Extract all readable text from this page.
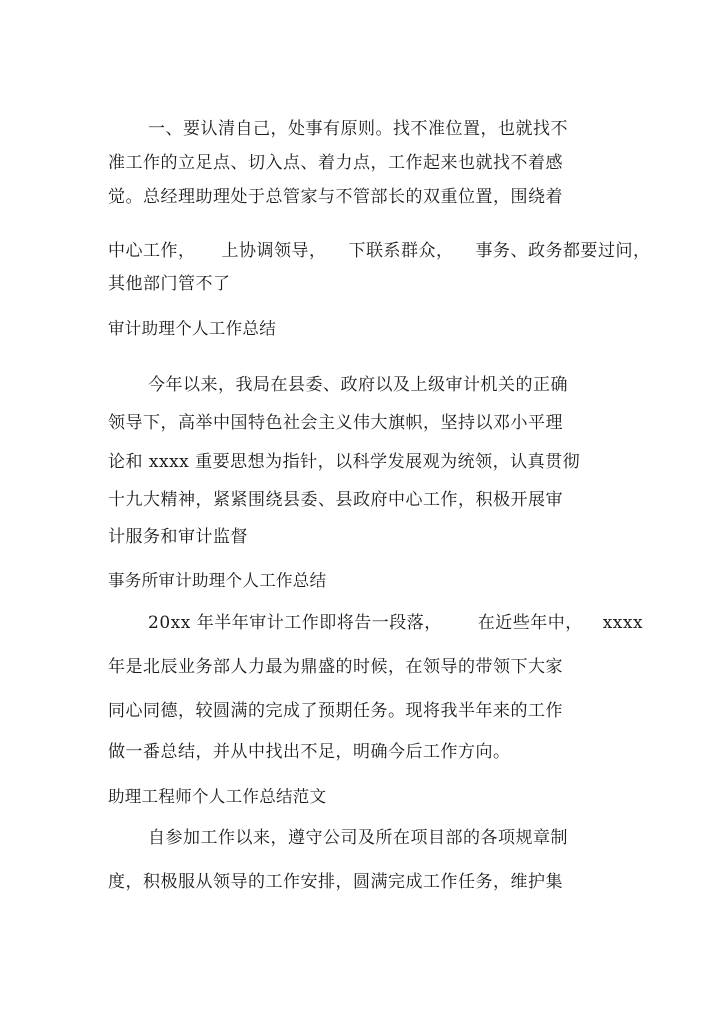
一、要认清自己，处事有原则。找不准位置，也就找不
准工作的立足点、切入点、着力点，工作起来也就找不着感
觉。总经理助理处于总管家与不管部长的双重位置，围绕着
中心工作， 上协调领导， 下联系群众， 事务、政务都要过问，
其他部门管不了
审计助理个人工作总结
今年以来，我局在县委、政府以及上级审计机关的正确
领导下，高举中国特色社会主义伟大旗帜，坚持以邓小平理
论和 xxxx 重要思想为指针，以科学发展观为统领，认真贯彻
十九大精神，紧紧围绕县委、县政府中心工作，积极开展审
计服务和审计监督
事务所审计助理个人工作总结
20xx 年半年审计工作即将告一段落， 在近些年中， xxxx
年是北辰业务部人力最为鼎盛的时候，在领导的带领下大家
同心同德，较圆满的完成了预期任务。现将我半年来的工作
做一番总结，并从中找出不足，明确今后工作方向。
助理工程师个人工作总结范文
自参加工作以来，遵守公司及所在项目部的各项规章制
度，积极服从领导的工作安排，圆满完成工作任务，维护集
